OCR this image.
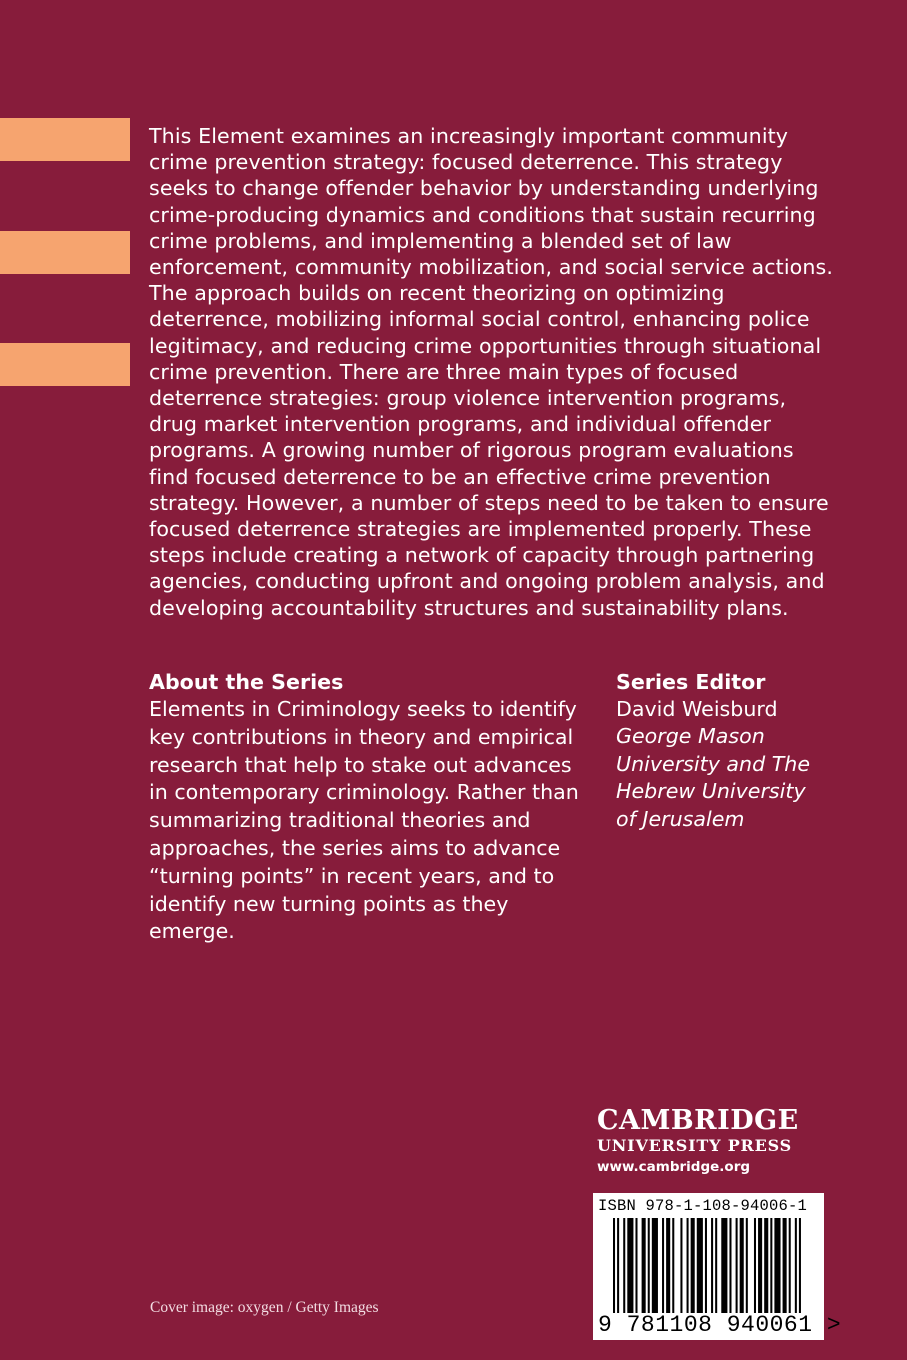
This Element examines an increasingly important community crime prevention strategy: focused deterrence. This strategy seeks to change offender behavior by understanding underlying crime-producing dynamics and conditions that sustain recurring crime problems, and implementing a blended set of law enforcement, community mobilization, and social service actions. The approach builds on recent theorizing on optimizing deterrence, mobilizing informal social control, enhancing police legitimacy, and reducing crime opportunities through situational crime prevention. There are three main types of focused deterrence strategies: group violence intervention programs, drug market intervention programs, and individual offender programs. A growing number of rigorous program evaluations find focused deterrence to be an effective crime prevention strategy. However, a number of steps need to be taken to ensure focused deterrence strategies are implemented properly. These steps include creating a network of capacity through partnering agencies, conducting upfront and ongoing problem analysis, and developing accountability structures and sustainability plans.

About the Series

Elements in Criminology seeks to identify key contributions in theory and empirical research that help to stake out advances in contemporary criminology. Rather than summarizing traditional theories and approaches, the series aims to advance “turning points” in recent years, and to identify new turning points as they emerge.

Series Editor

David Weisburd

George Mason University and The Hebrew University of Jerusalem

CAMBRIDGE
UNIVERSITY PRESS
www.cambridge.org
ISBN 978-1-108-94006-1
9 781108 940061 >
Cover image: oxygen / Getty Images
